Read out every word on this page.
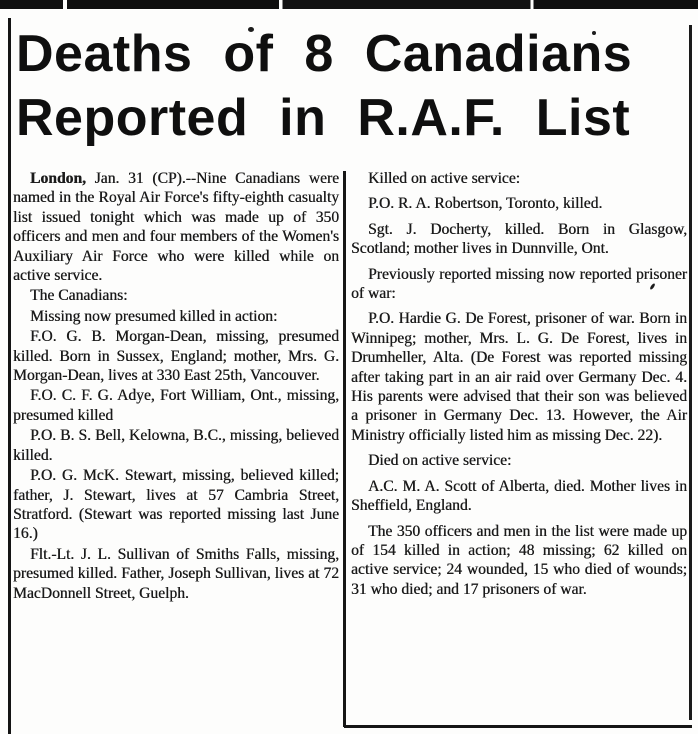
Deaths of 8 Canadians
Reported in R.A.F. List

London, Jan. 31 (CP).--Nine Canadians were named in the Royal Air Force's fifty-eighth casualty list issued tonight which was made up of 350 officers and men and four members of the Women's Auxiliary Air Force who were killed while on active service.

The Canadians:

Missing now presumed killed in action:

F.O. G. B. Morgan-Dean, missing, presumed killed. Born in Sussex, England; mother, Mrs. G. Morgan-Dean, lives at 330 East 25th, Vancouver.

F.O. C. F. G. Adye, Fort William, Ont., missing, presumed killed

P.O. B. S. Bell, Kelowna, B.C., missing, believed killed.

P.O. G. McK. Stewart, missing, believed killed; father, J. Stewart, lives at 57 Cambria Street, Stratford. (Stewart was reported missing last June 16.)

Flt.-Lt. J. L. Sullivan of Smiths Falls, missing, presumed killed. Father, Joseph Sullivan, lives at 72 MacDonnell Street, Guelph.

Killed on active service:

P.O. R. A. Robertson, Toronto, killed.

Sgt. J. Docherty, killed. Born in Glasgow, Scotland; mother lives in Dunnville, Ont.

Previously reported missing now reported prisoner of war:

P.O. Hardie G. De Forest, prisoner of war. Born in Winnipeg; mother, Mrs. L. G. De Forest, lives in Drumheller, Alta. (De Forest was reported missing after taking part in an air raid over Germany Dec. 4. His parents were advised that their son was believed a prisoner in Germany Dec. 13. However, the Air Ministry officially listed him as missing Dec. 22).

Died on active service:

A.C. M. A. Scott of Alberta, died. Mother lives in Sheffield, England.

The 350 officers and men in the list were made up of 154 killed in action; 48 missing; 62 killed on active service; 24 wounded, 15 who died of wounds; 31 who died; and 17 prisoners of war.
